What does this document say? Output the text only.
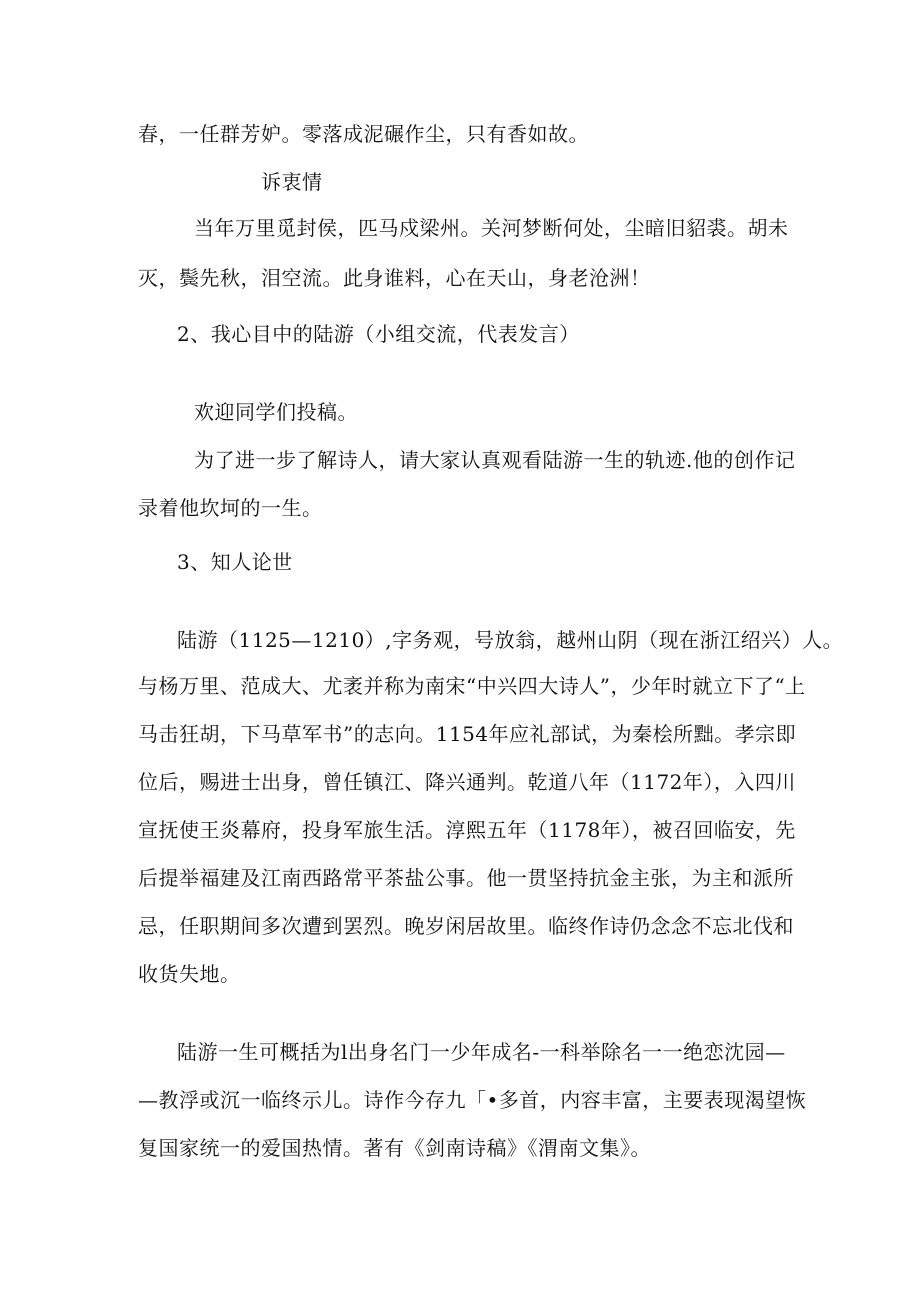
春，一任群芳妒。零落成泥碾作尘，只有香如故。
诉衷情
当年万里觅封侯，匹马戍梁州。关河梦断何处，尘暗旧貂裘。胡未
灭，鬓先秋，泪空流。此身谁料，心在天山，身老沧洲！
2、我心目中的陆游（小组交流，代表发言）
欢迎同学们投稿。
为了进一步了解诗人，请大家认真观看陆游一生的轨迹.他的创作记
录着他坎坷的一生。
3、知人论世
陆游（1125—1210）,字务观，号放翁，越州山阴（现在浙江绍兴）人。
与杨万里、范成大、尤袤并称为南宋“中兴四大诗人”，少年时就立下了“上
马击狂胡，下马草军书”的志向。1154年应礼部试，为秦桧所黜。孝宗即
位后，赐进士出身，曾任镇江、降兴通判。乾道八年（1172年），入四川
宣抚使王炎幕府，投身军旅生活。淳熙五年（1178年），被召回临安，先
后提举福建及江南西路常平茶盐公事。他一贯坚持抗金主张，为主和派所
忌，任职期间多次遭到罢烈。晚岁闲居故里。临终作诗仍念念不忘北伐和
收货失地。
陆游一生可概括为l出身名门一少年成名-一科举除名一一绝恋沈园—
—教浮或沉一临终示儿。诗作今存九「•多首，内容丰富，主要表现渴望恢
复国家统一的爱国热情。著有《剑南诗稿》《渭南文集》。
